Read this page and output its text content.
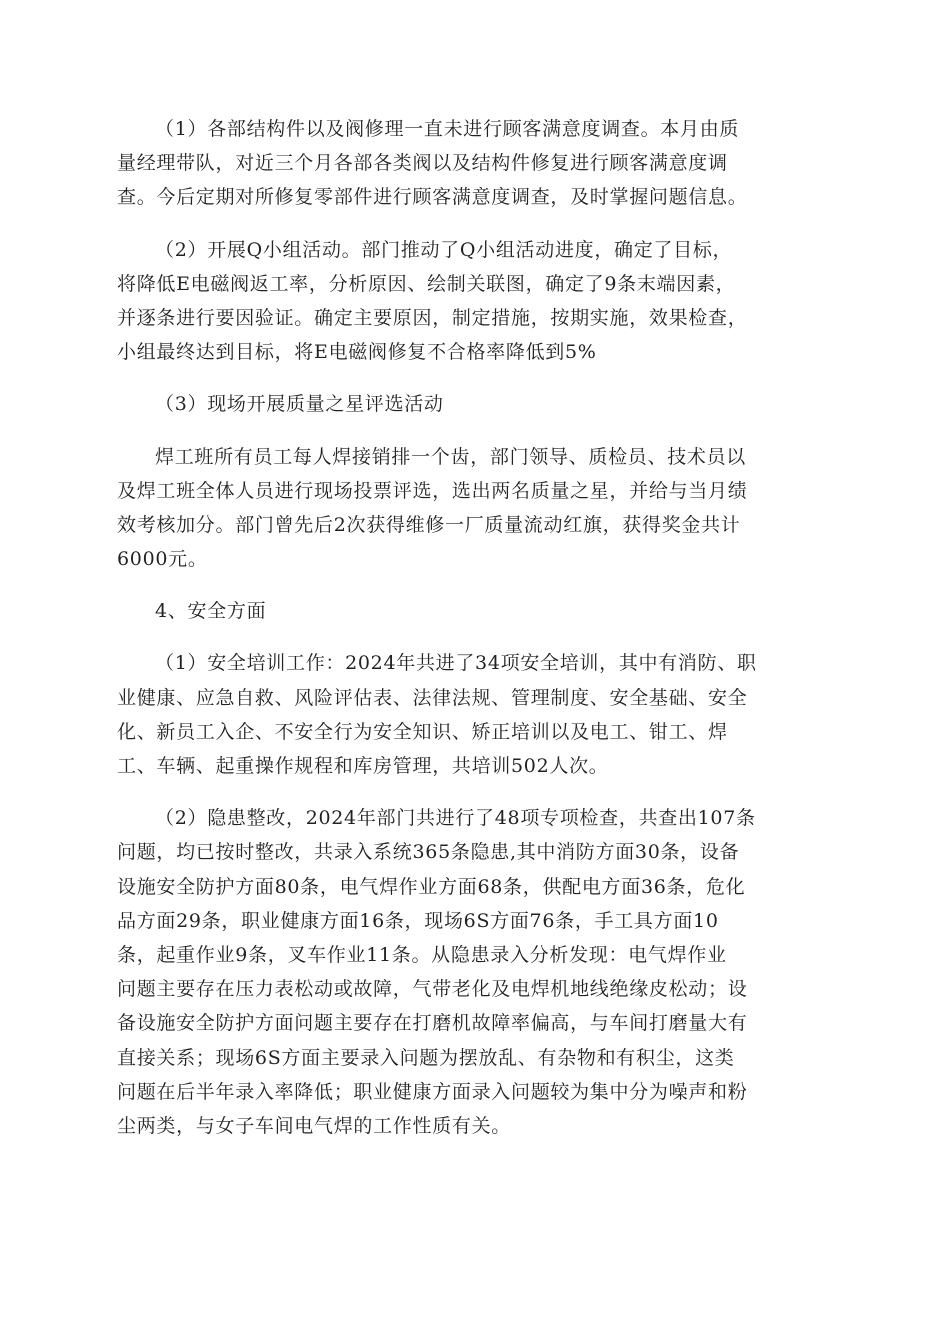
（1）各部结构件以及阀修理一直未进行顾客满意度调查。本月由质
量经理带队，对近三个月各部各类阀以及结构件修复进行顾客满意度调
查。今后定期对所修复零部件进行顾客满意度调查，及时掌握问题信息。
（2）开展Q小组活动。部门推动了Q小组活动进度，确定了目标，
将降低E电磁阀返工率，分析原因、绘制关联图，确定了9条末端因素，
并逐条进行要因验证。确定主要原因，制定措施，按期实施，效果检查，
小组最终达到目标，将E电磁阀修复不合格率降低到5%
（3）现场开展质量之星评选活动
焊工班所有员工每人焊接销排一个齿，部门领导、质检员、技术员以
及焊工班全体人员进行现场投票评选，选出两名质量之星，并给与当月绩
效考核加分。部门曾先后2次获得维修一厂质量流动红旗，获得奖金共计
6000元。
4、安全方面
（1）安全培训工作：2024年共进了34项安全培训，其中有消防、职
业健康、应急自救、风险评估表、法律法规、管理制度、安全基础、安全
化、新员工入企、不安全行为安全知识、矫正培训以及电工、钳工、焊
工、车辆、起重操作规程和库房管理，共培训502人次。
（2）隐患整改，2024年部门共进行了48项专项检查，共查出107条
问题，均已按时整改，共录入系统365条隐患,其中消防方面30条，设备
设施安全防护方面80条，电气焊作业方面68条，供配电方面36条，危化
品方面29条，职业健康方面16条，现场6S方面76条，手工具方面10
条，起重作业9条，叉车作业11条。从隐患录入分析发现：电气焊作业
问题主要存在压力表松动或故障，气带老化及电焊机地线绝缘皮松动；设
备设施安全防护方面问题主要存在打磨机故障率偏高，与车间打磨量大有
直接关系；现场6S方面主要录入问题为摆放乱、有杂物和有积尘，这类
问题在后半年录入率降低；职业健康方面录入问题较为集中分为噪声和粉
尘两类，与女子车间电气焊的工作性质有关。
